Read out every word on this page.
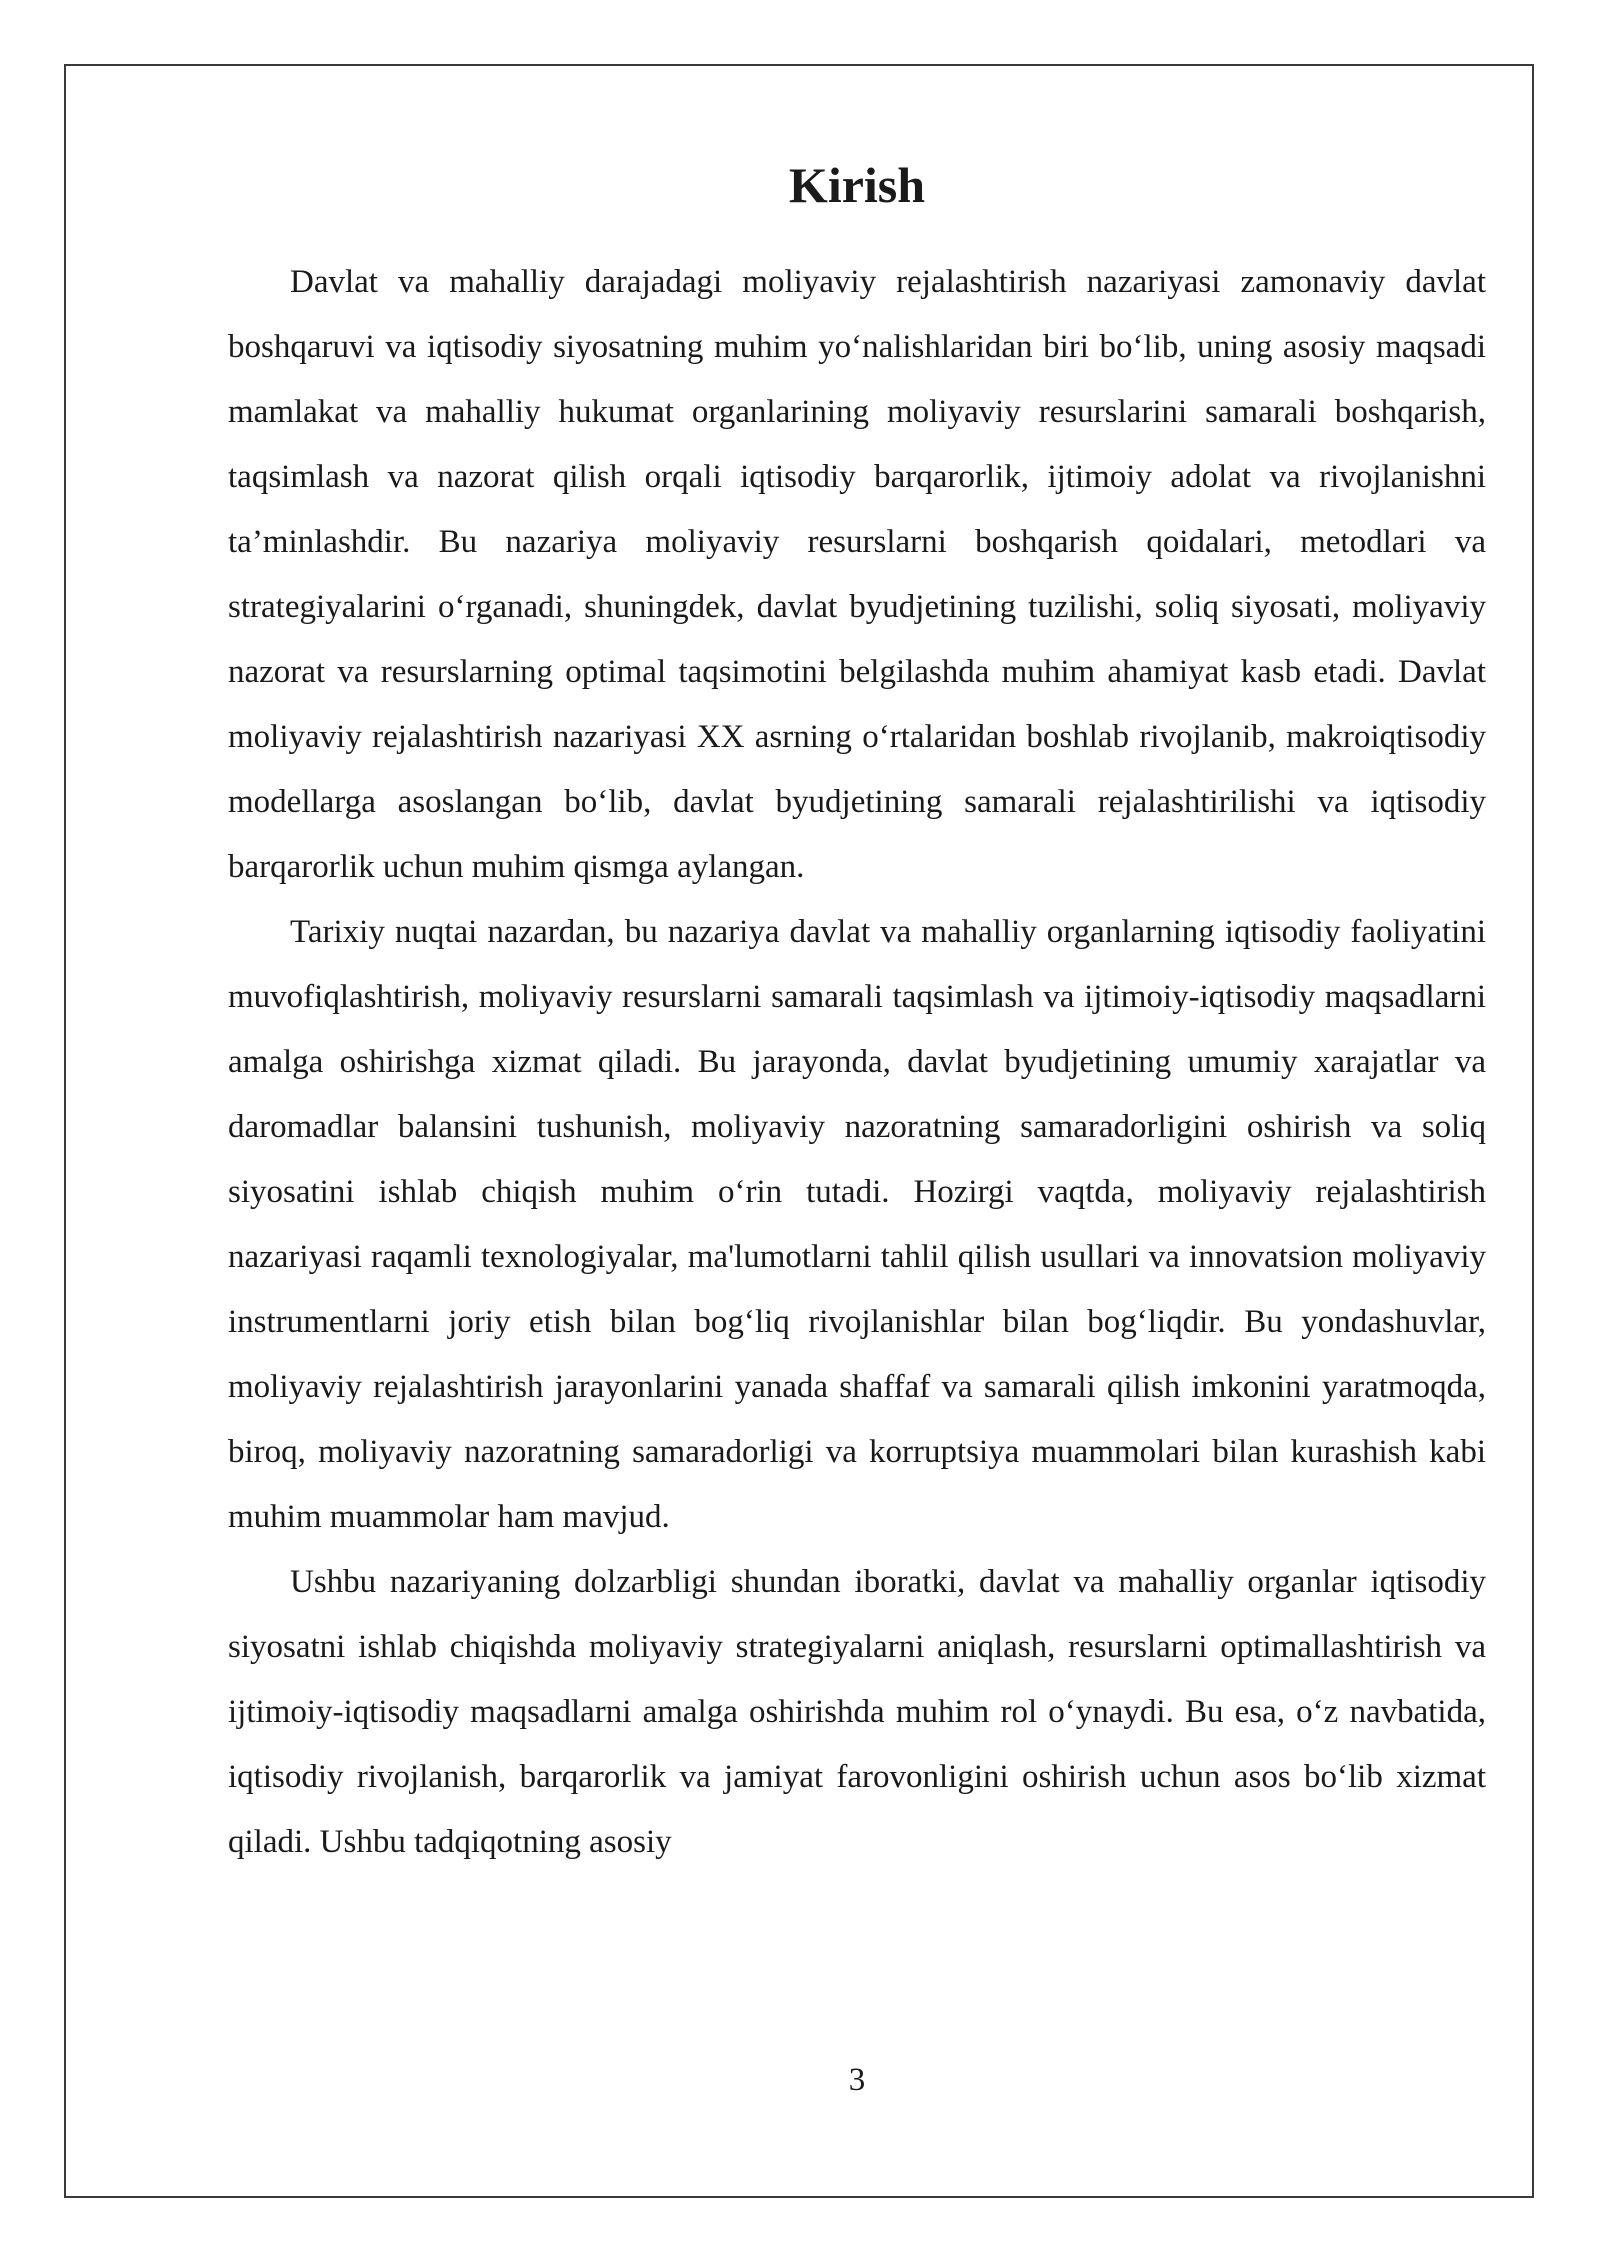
Kirish

Davlat va mahalliy darajadagi moliyaviy rejalashtirish nazariyasi zamonaviy davlat boshqaruvi va iqtisodiy siyosatning muhim yo‘nalishlaridan biri bo‘lib, uning asosiy maqsadi mamlakat va mahalliy hukumat organlarining moliyaviy resurslarini samarali boshqarish, taqsimlash va nazorat qilish orqali iqtisodiy barqarorlik, ijtimoiy adolat va rivojlanishni ta’minlashdir. Bu nazariya moliyaviy resurslarni boshqarish qoidalari, metodlari va strategiyalarini o‘rganadi, shuningdek, davlat byudjetining tuzilishi, soliq siyosati, moliyaviy nazorat va resurslarning optimal taqsimotini belgilashda muhim ahamiyat kasb etadi. Davlat moliyaviy rejalashtirish nazariyasi XX asrning o‘rtalaridan boshlab rivojlanib, makroiqtisodiy modellarga asoslangan bo‘lib, davlat byudjetining samarali rejalashtirilishi va iqtisodiy barqarorlik uchun muhim qismga aylangan.

Tarixiy nuqtai nazardan, bu nazariya davlat va mahalliy organlarning iqtisodiy faoliyatini muvofiqlashtirish, moliyaviy resurslarni samarali taqsimlash va ijtimoiy-iqtisodiy maqsadlarni amalga oshirishga xizmat qiladi. Bu jarayonda, davlat byudjetining umumiy xarajatlar va daromadlar balansini tushunish, moliyaviy nazoratning samaradorligini oshirish va soliq siyosatini ishlab chiqish muhim o‘rin tutadi. Hozirgi vaqtda, moliyaviy rejalashtirish nazariyasi raqamli texnologiyalar, ma'lumotlarni tahlil qilish usullari va innovatsion moliyaviy instrumentlarni joriy etish bilan bog‘liq rivojlanishlar bilan bog‘liqdir. Bu yondashuvlar, moliyaviy rejalashtirish jarayonlarini yanada shaffaf va samarali qilish imkonini yaratmoqda, biroq, moliyaviy nazoratning samaradorligi va korruptsiya muammolari bilan kurashish kabi muhim muammolar ham mavjud.

Ushbu nazariyaning dolzarbligi shundan iboratki, davlat va mahalliy organlar iqtisodiy siyosatni ishlab chiqishda moliyaviy strategiyalarni aniqlash, resurslarni optimallashtirish va ijtimoiy-iqtisodiy maqsadlarni amalga oshirishda muhim rol o‘ynaydi. Bu esa, o‘z navbatida, iqtisodiy rivojlanish, barqarorlik va jamiyat farovonligini oshirish uchun asos bo‘lib xizmat qiladi. Ushbu tadqiqotning asosiy

3
